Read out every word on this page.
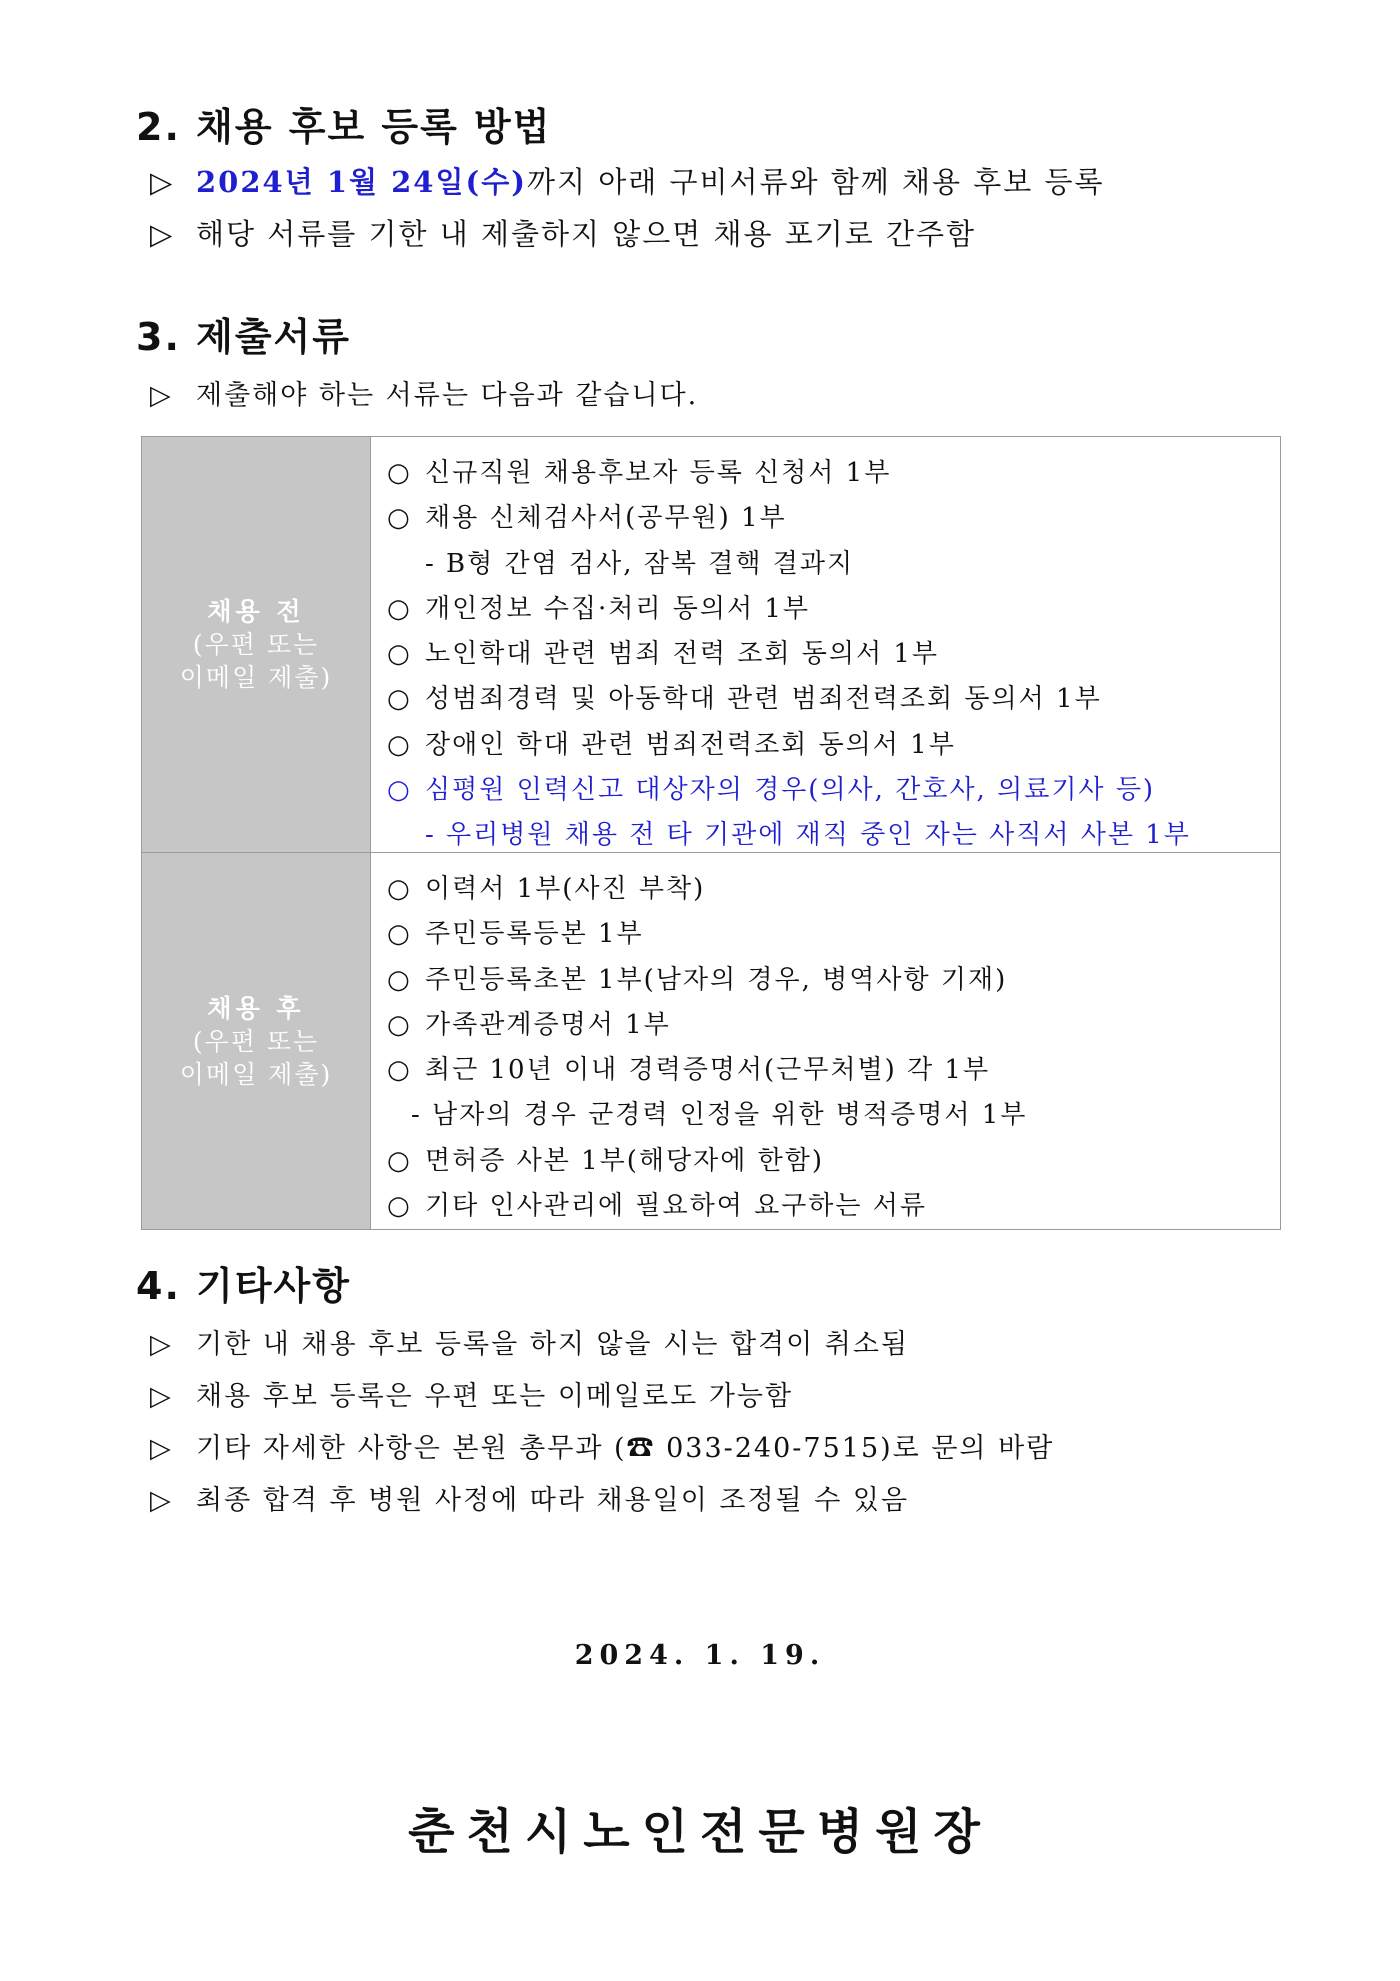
2. 채용 후보 등록 방법
▷ 2024년 1월 24일(수)까지 아래 구비서류와 함께 채용 후보 등록
▷ 해당 서류를 기한 내 제출하지 않으면 채용 포기로 간주함
3. 제출서류
▷ 제출해야 하는 서류는 다음과 같습니다.
채용 전
(우편 또는
이메일 제출)
○ 신규직원 채용후보자 등록 신청서 1부
○ 채용 신체검사서(공무원) 1부
- B형 간염 검사, 잠복 결핵 결과지
○ 개인정보 수집·처리 동의서 1부
○ 노인학대 관련 범죄 전력 조회 동의서 1부
○ 성범죄경력 및 아동학대 관련 범죄전력조회 동의서 1부
○ 장애인 학대 관련 범죄전력조회 동의서 1부
○ 심평원 인력신고 대상자의 경우(의사, 간호사, 의료기사 등)
- 우리병원 채용 전 타 기관에 재직 중인 자는 사직서 사본 1부
채용 후
(우편 또는
이메일 제출)
○ 이력서 1부(사진 부착)
○ 주민등록등본 1부
○ 주민등록초본 1부(남자의 경우, 병역사항 기재)
○ 가족관계증명서 1부
○ 최근 10년 이내 경력증명서(근무처별) 각 1부
- 남자의 경우 군경력 인정을 위한 병적증명서 1부
○ 면허증 사본 1부(해당자에 한함)
○ 기타 인사관리에 필요하여 요구하는 서류
4. 기타사항
▷ 기한 내 채용 후보 등록을 하지 않을 시는 합격이 취소됨
▷ 채용 후보 등록은 우편 또는 이메일로도 가능함
▷ 기타 자세한 사항은 본원 총무과 (☎ 033-240-7515)로 문의 바람
▷ 최종 합격 후 병원 사정에 따라 채용일이 조정될 수 있음

2024. 1. 19.

춘천시노인전문병원장
